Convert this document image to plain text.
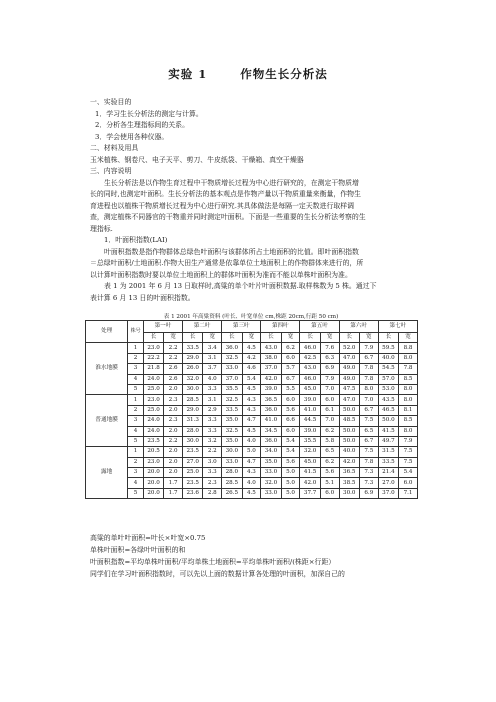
实验 1	作物生长分析法
一、实验目的
1．学习生长分析法的测定与计算。
2．分析各生理指标间的关系。
3．学会使用各种仪器。
二、材料及用具
玉米植株、钢卷尺、电子天平、剪刀、牛皮纸袋、干燥箱、真空干燥器
三、内容说明
生长分析法是以作物生育过程中干物质增长过程为中心进行研究的，在测定干物质增
长的同时,也测定叶面积。生长分析法的基本观点是作物产量以干物质重量来衡量，作物生
育进程也以植株干物质增长过程为中心进行研究.其具体做法是每隔一定天数进行取样调
查，测定植株不同器官的干物重并同时测定叶面积。下面是一些重要的生长分析法考察的生
理指标.
1．叶面积指数(LAI)
叶面积指数是指作物群体总绿色叶面积与该群体所占土地面积的比值。即叶面积指数
＝总绿叶面积/土地面积.作物大田生产通常是依靠单位土地面积上的作物群体来进行的，所
以计算叶面积指数时要以单位土地面积上的群体叶面积为准而不能以单株叶面积为准。
表 1 为 2001 年 6 月 13 日取样时,高粱的单个叶片叶面积数据.取样株数为 5 株。通过下
表计算 6 月 13 日的叶面积指数。
表 1 2001 年高粱资料 (叶长、叶宽单位 cm,株距 20cm,行距 50 cm)
处理	株号	第一叶		第二叶		第三叶		第四叶		第五叶		第六叶		第七叶	
		长	宽	长	宽	长	宽	长	宽	长	宽	长	宽	长	宽
淮水地膜	1	23.0	2.2	33.5	3.4	36.0	4.5	43.0	6.2	46.0	7.6	52.0	7.9	59.5	8.8
	2	22.2	2.2	29.0	3.1	32.5	4.2	38.0	6.0	42.5	6.3	47.0	6.7	40.0	8.0
	3	21.8	2.6	26.0	3.7	33.0	4.6	37.0	5.7	43.0	6.9	49.0	7.8	54.5	7.8
	4	24.0	2.6	32.0	4.0	37.0	5.4	42.0	6.7	46.0	7.9	49.0	7.8	57.0	8.5
	5	25.0	2.0	30.0	3.3	35.5	4.5	39.0	5.5	45.0	7.0	47.5	8.0	53.0	8.0
普通地膜	1	23.0	2.3	28.5	3.1	32.5	4.3	36.5	6.0	39.0	6.0	47.0	7.0	43.5	8.0
	2	25.0	2.0	29.0	2.9	33.5	4.3	36.0	5.6	41.0	6.1	50.0	6.7	46.5	8.1
	3	24.0	2.3	31.3	3.3	35.0	4.7	41.0	6.6	44.5	7.0	48.5	7.5	50.0	8.5
	4	24.0	2.0	28.0	3.3	32.5	4.5	34.5	6.0	39.0	6.2	50.0	6.5	41.5	8.0
	5	23.5	2.2	30.0	3.2	35.0	4.0	36.0	5.4	35.5	5.8	50.0	6.7	49.7	7.9
露地	1	20.5	2.0	23.5	2.2	30.0	5.0	34.0	5.4	32.0	6.5	40.0	7.5	31.5	7.5
	2	23.0	2.0	27.0	3.0	33.0	4.7	35.0	5.6	45.0	6.2	42.0	7.8	33.5	7.5
	3	20.0	2.0	25.0	3.3	28.0	4.3	33.0	5.0	41.5	5.6	36.5	7.3	21.4	5.4
	4	20.0	1.7	23.5	2.3	28.5	4.0	32.0	5.0	42.0	5.1	38.5	7.3	27.0	6.0
	5	20.0	1.7	23.6	2.8	26.5	4.5	33.0	5.0	37.7	6.0	30.0	6.9	37.0	7.1
高粱的单叶叶面积=叶长×叶宽×0.75
单株叶面积=各绿叶叶面积的和
叶面积指数=平均单株叶面积/平均单株土地面积=平均单株叶面积/(株距×行距）
同学们在学习叶面积指数时，可以先以上面的数据计算各处理的叶面积，加深自己的
